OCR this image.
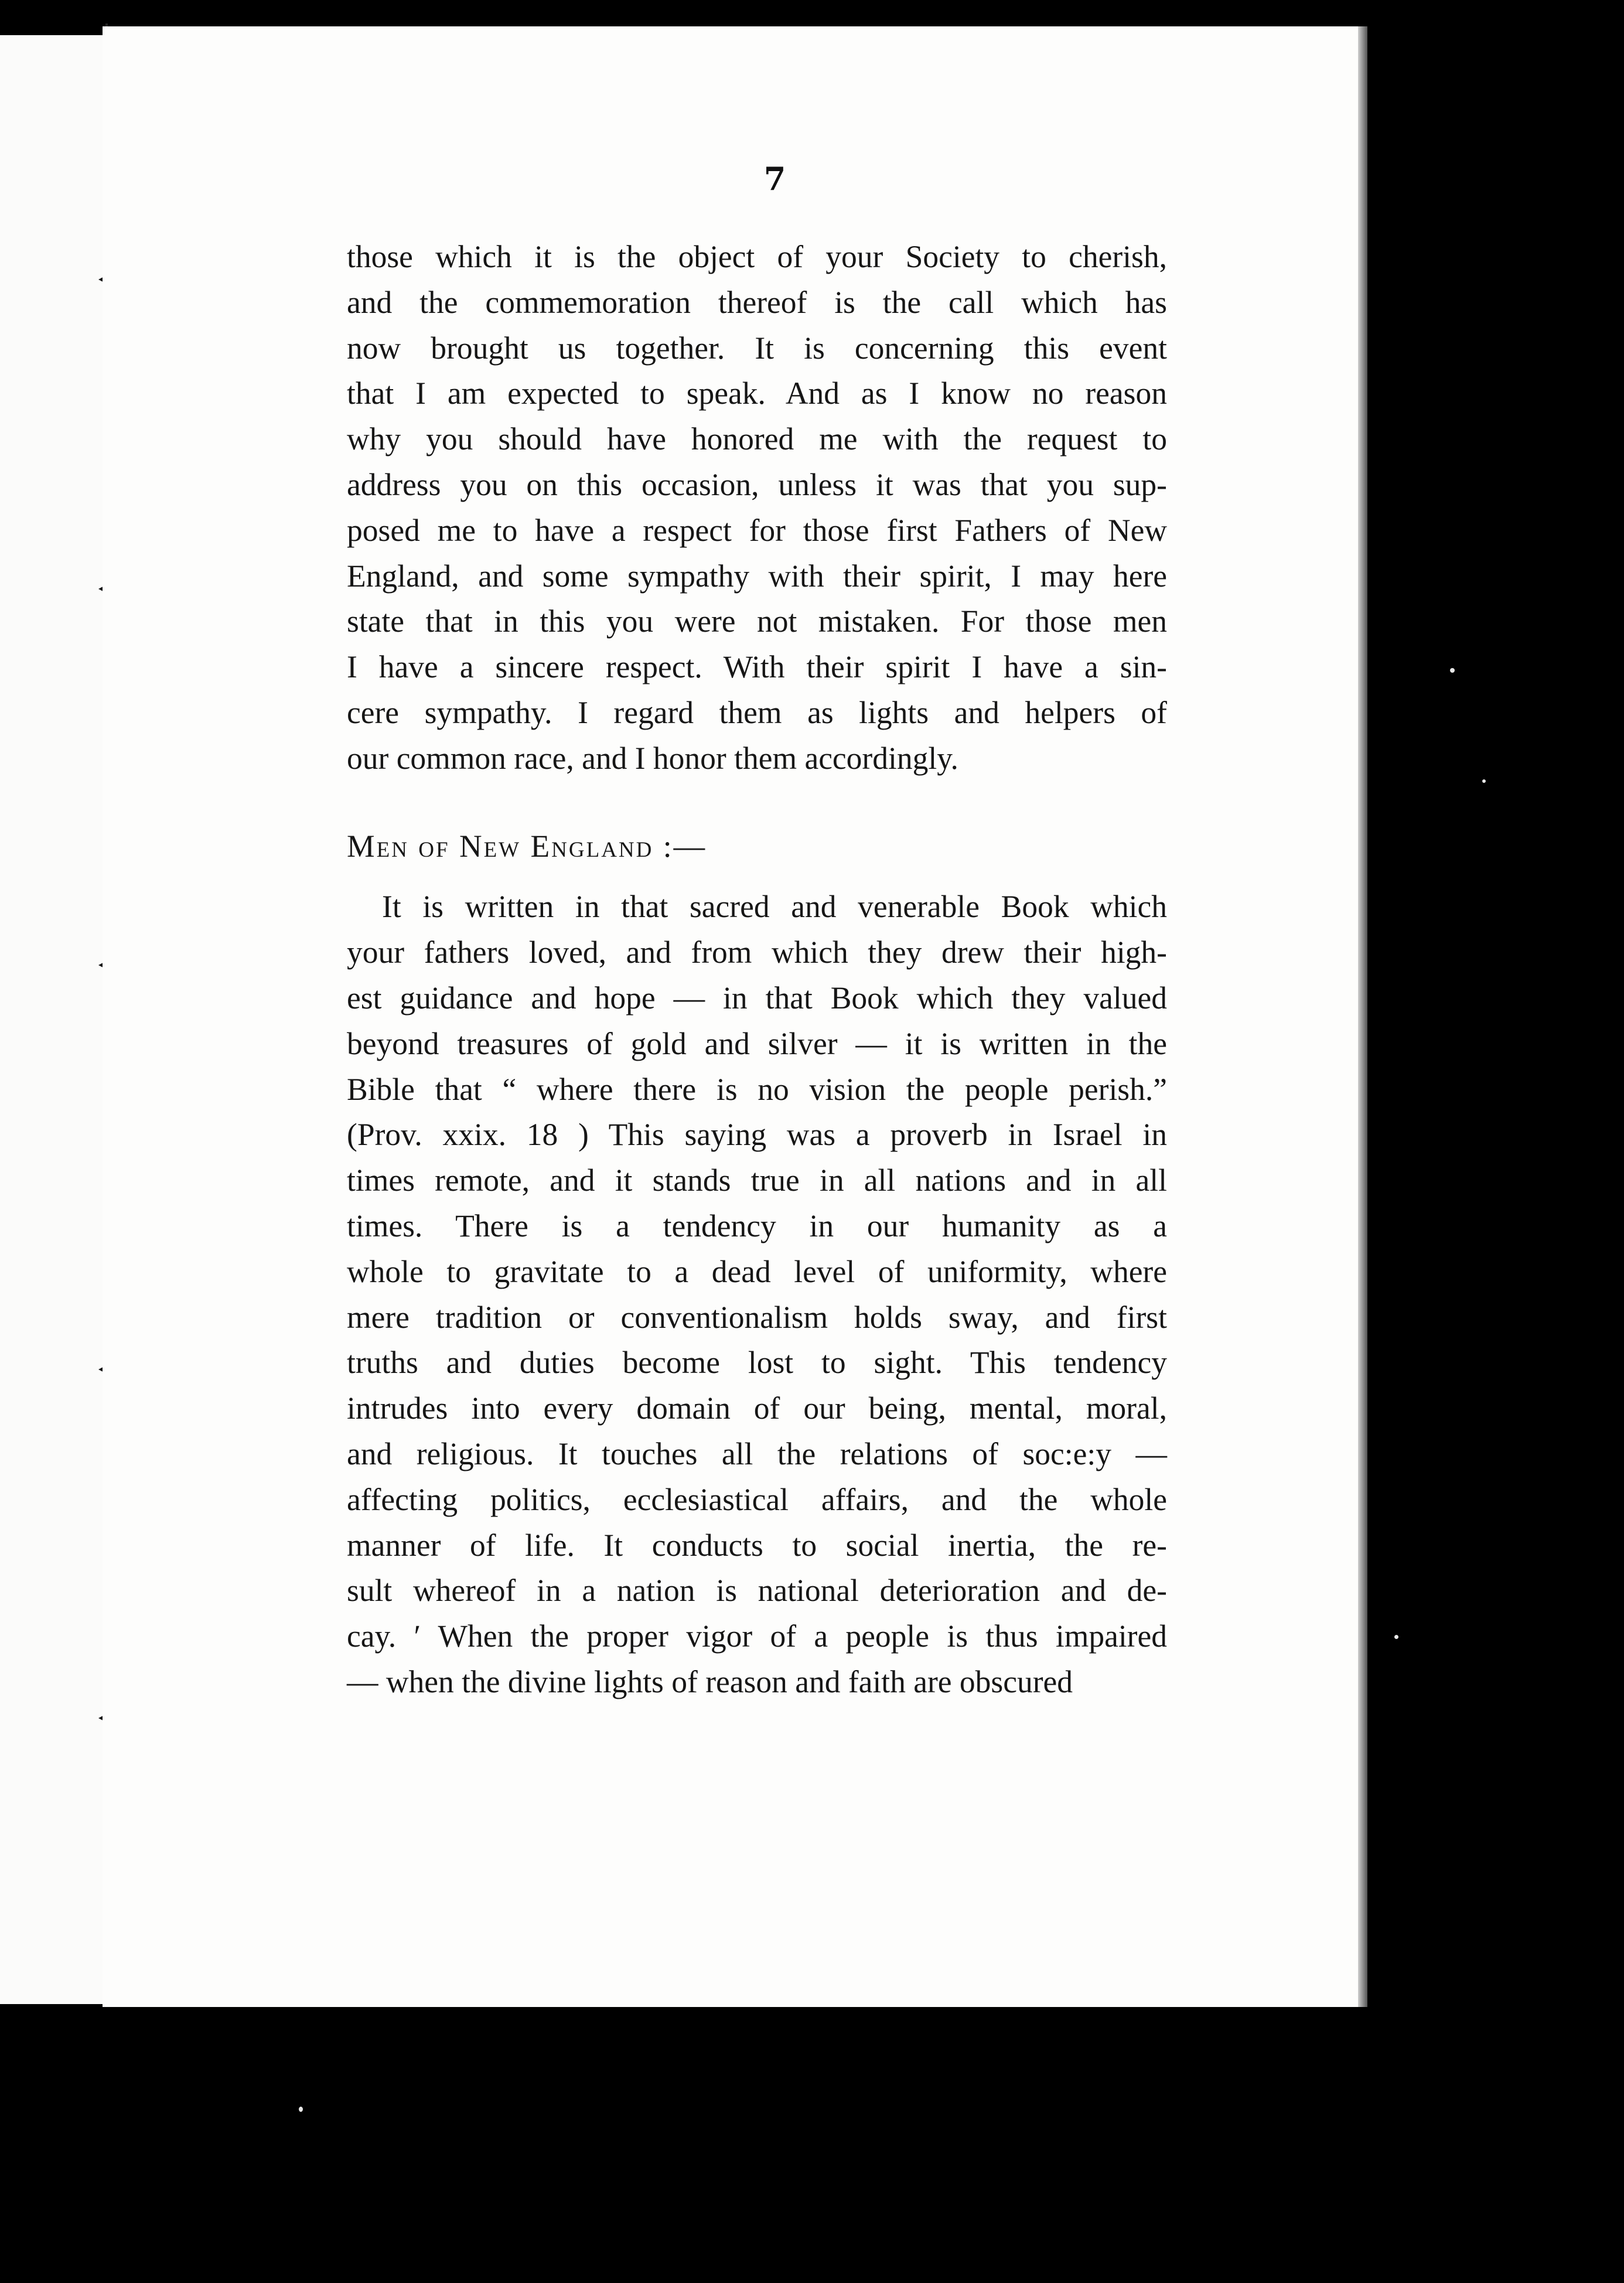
7
those which it is the object of your Society to cherish,
and the commemoration thereof is the call which has
now brought us together. It is concerning this event
that I am expected to speak. And as I know no reason
why you should have honored me with the request to
address you on this occasion, unless it was that you sup-
posed me to have a respect for those first Fathers of New
England, and some sympathy with their spirit, I may here
state that in this you were not mistaken. For those men
I have a sincere respect. With their spirit I have a sin-
cere sympathy. I regard them as lights and helpers of
our common race, and I honor them accordingly.
Men of New England :—
It is written in that sacred and venerable Book which
your fathers loved, and from which they drew their high-
est guidance and hope — in that Book which they valued
beyond treasures of gold and silver — it is written in the
Bible that “ where there is no vision the people perish.”
(Prov. xxix. 18 ) This saying was a proverb in Israel in
times remote, and it stands true in all nations and in all
times. There is a tendency in our humanity as a
whole to gravitate to a dead level of uniformity, where
mere tradition or conventionalism holds sway, and first
truths and duties become lost to sight. This tendency
intrudes into every domain of our being, mental, moral,
and religious. It touches all the relations of soc:e:y —
affecting politics, ecclesiastical affairs, and the whole
manner of life. It conducts to social inertia, the re-
sult whereof in a nation is national deterioration and de-
cay. ʹ When the proper vigor of a people is thus impaired
— when the divine lights of reason and faith are obscured
